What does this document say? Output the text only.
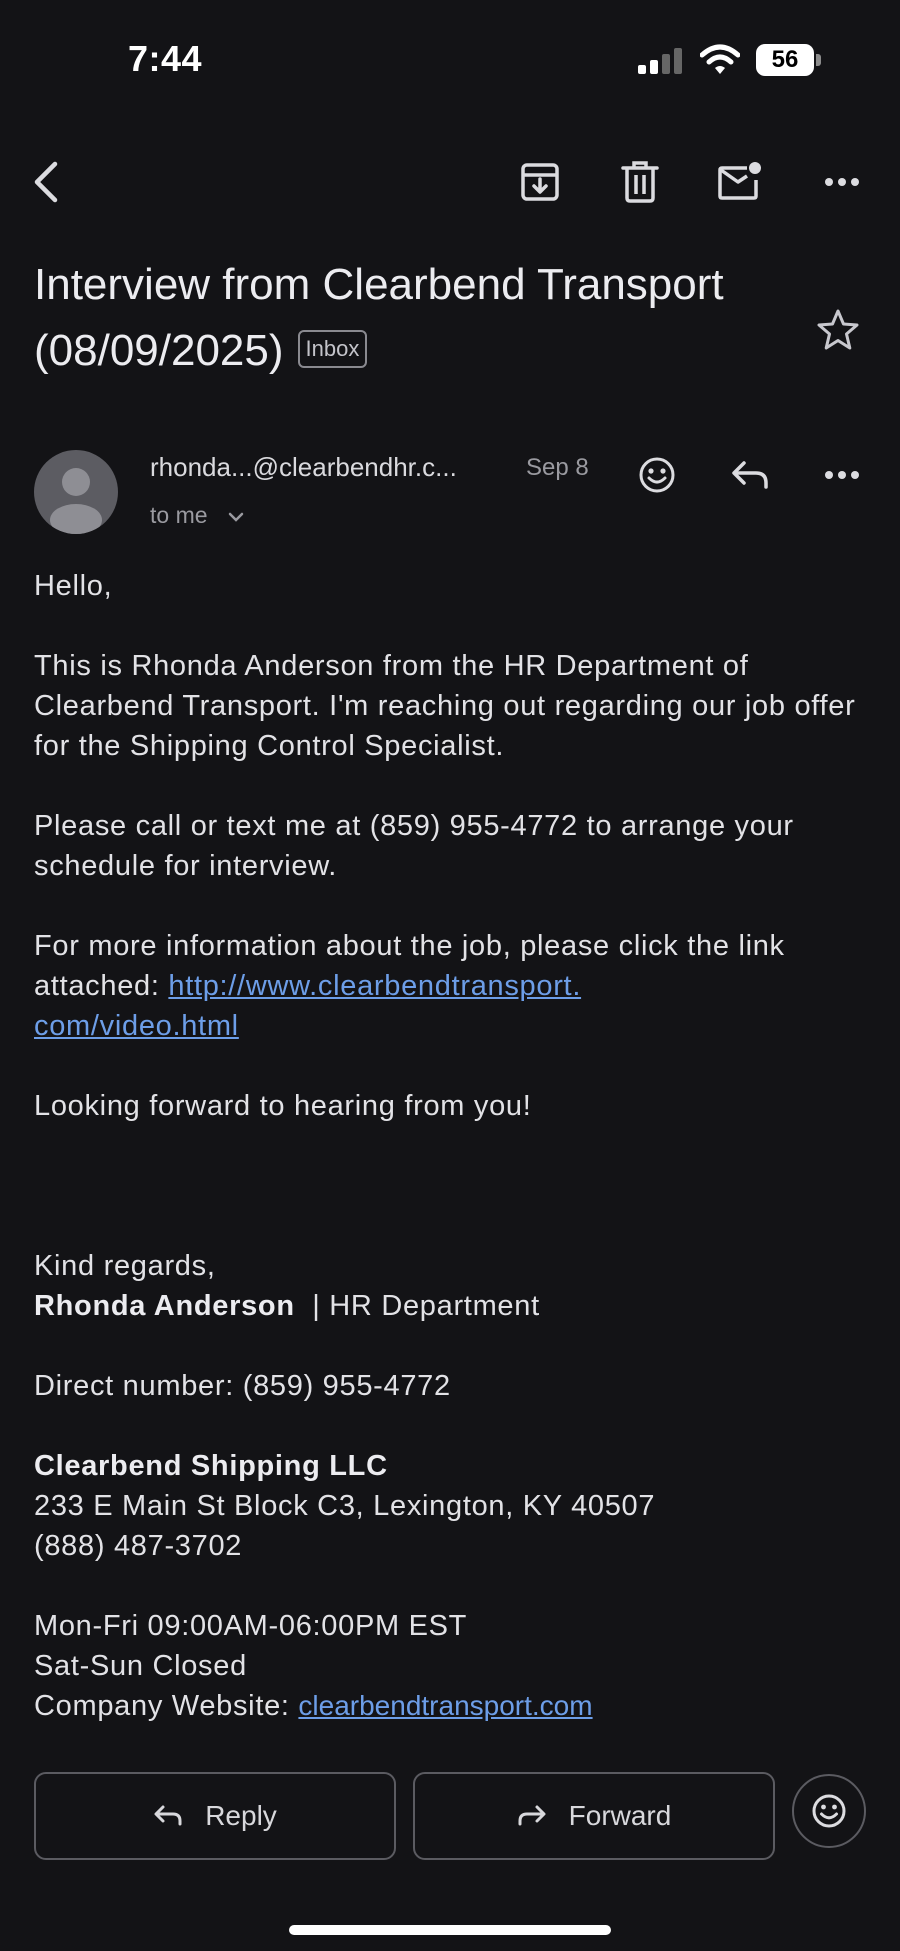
7:44	56
Interview from Clearbend Transport (08/09/2025) Inbox
rhonda...@clearbendhr.c...	Sep 8
to me
Hello,
This is Rhonda Anderson from the HR Department of Clearbend Transport. I'm reaching out regarding our job offer for the Shipping Control Specialist.
Please call or text me at (859) 955-4772 to arrange your schedule for interview.
For more information about the job, please click the link attached: http://www.clearbendtransport.
com/video.html
Looking forward to hearing from you!
Kind regards,
Rhonda Anderson  | HR Department
Direct number: (859) 955-4772
Clearbend Shipping LLC
233 E Main St Block C3, Lexington, KY 40507
(888) 487-3702
Mon-Fri 09:00AM-06:00PM EST
Sat-Sun Closed
Company Website: clearbendtransport.com
Reply	Forward
